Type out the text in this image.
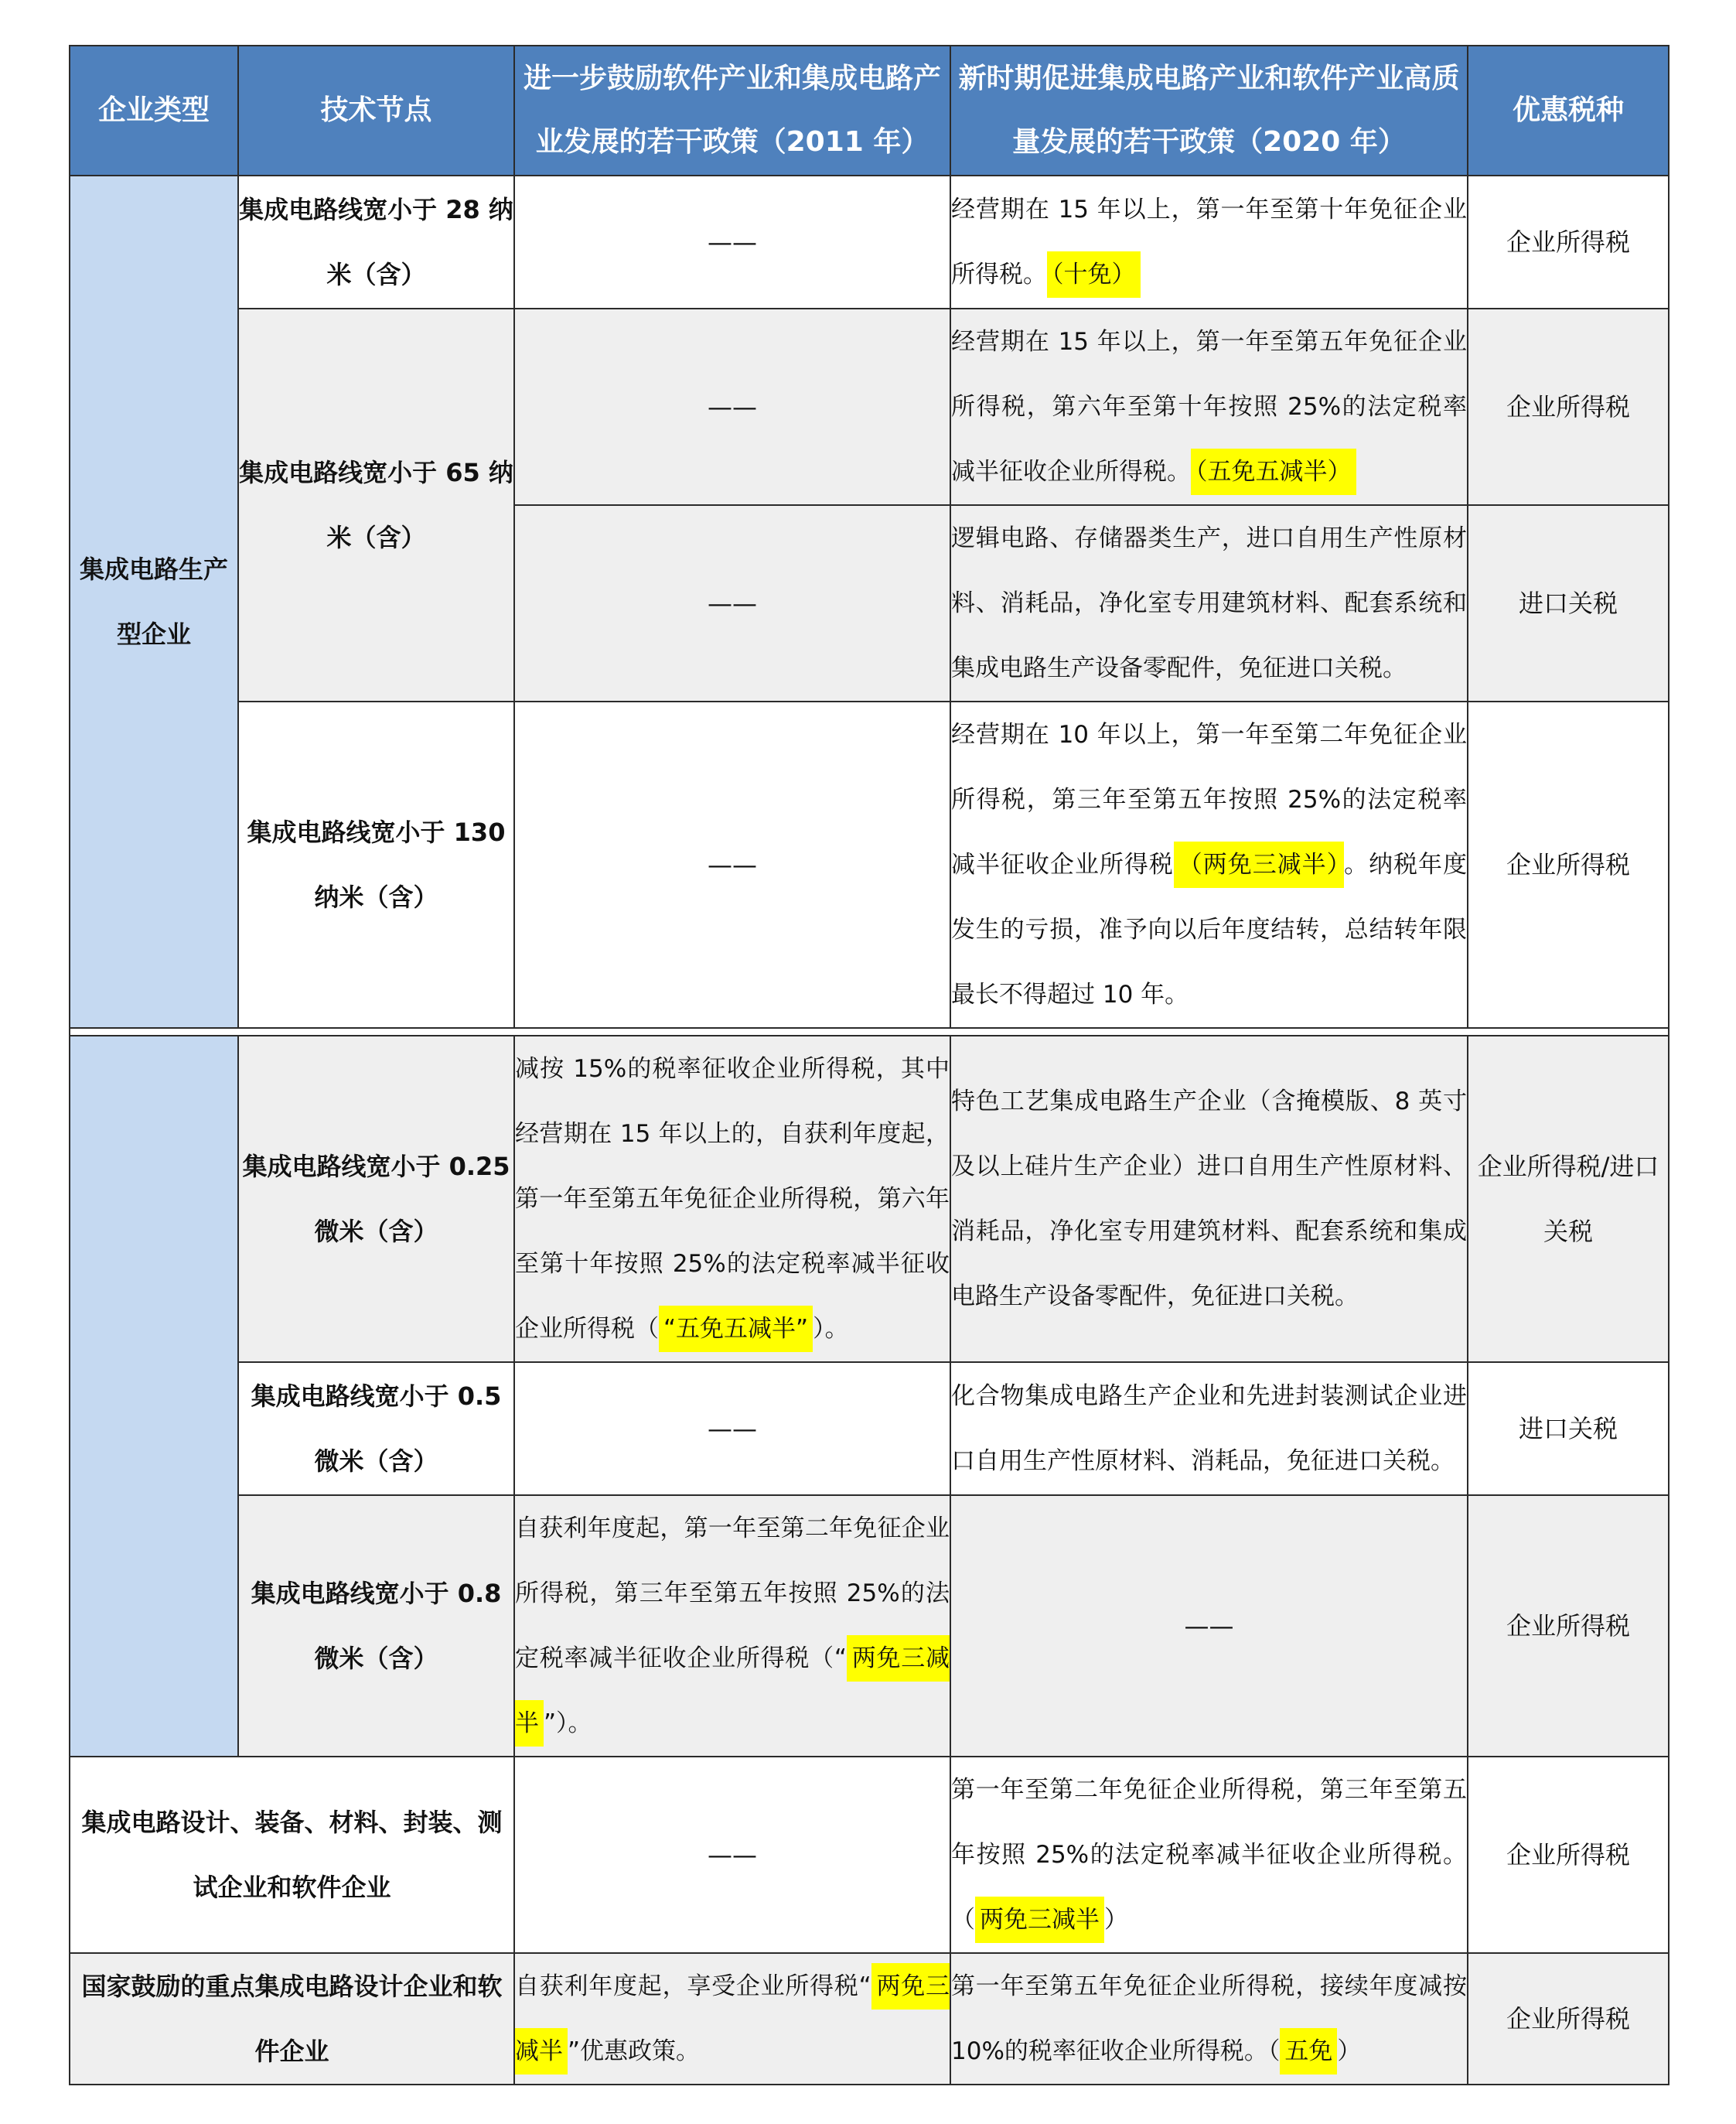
企业类型	技术节点	进一步鼓励软件产业和集成电路产业发展的若干政策（2011 年）	新时期促进集成电路产业和软件产业高质量发展的若干政策（2020 年）	优惠税种
集成电路生产型企业	集成电路线宽小于 28 纳米（含）	——	经营期在 15 年以上，第一年至第十年免征企业所得税。 （十免）	企业所得税
	集成电路线宽小于 65 纳米（含）	——	经营期在 15 年以上，第一年至第五年免征企业所得税，第六年至第十年按照 25%的法定税率减半征收企业所得税。 （五免五减半）	企业所得税
		——	逻辑电路、存储器类生产，进口自用生产性原材料、消耗品，净化室专用建筑材料、配套系统和集成电路生产设备零配件，免征进口关税。	进口关税
	集成电路线宽小于 130 纳米（含）	——	经营期在 10 年以上，第一年至第二年免征企业所得税，第三年至第五年按照 25%的法定税率减半征收企业所得税 （两免三减半） 。纳税年度发生的亏损，准予向以后年度结转，总结转年限最长不得超过 10 年。	企业所得税

	集成电路线宽小于 0.25 微米（含）	减按 15%的税率征收企业所得税，其中经营期在 15 年以上的，自获利年度起，第一年至第五年免征企业所得税，第六年至第十年按照 25%的法定税率减半征收企业所得税（ “五免五减半” ）。	特色工艺集成电路生产企业（含掩模版、8 英寸及以上硅片生产企业）进口自用生产性原材料、消耗品，净化室专用建筑材料、配套系统和集成电路生产设备零配件，免征进口关税。	企业所得税/进口关税
	集成电路线宽小于 0.5 微米（含）	——	化合物集成电路生产企业和先进封装测试企业进口自用生产性原材料、消耗品，免征进口关税。	进口关税
	集成电路线宽小于 0.8 微米（含）	自获利年度起，第一年至第二年免征企业所得税，第三年至第五年按照 25%的法定税率减半征收企业所得税（“ 两免三减半 ”）。	——	企业所得税
集成电路设计、装备、材料、封装、测试企业和软件企业		——	第一年至第二年免征企业所得税，第三年至第五年按照 25%的法定税率减半征收企业所得税。（ 两免三减半 ）	企业所得税
国家鼓励的重点集成电路设计企业和软件企业		自获利年度起，享受企业所得税“ 两免三减半 ”优惠政策。	第一年至第五年免征企业所得税，接续年度减按 10%的税率征收企业所得税。（ 五免 ）	企业所得税
